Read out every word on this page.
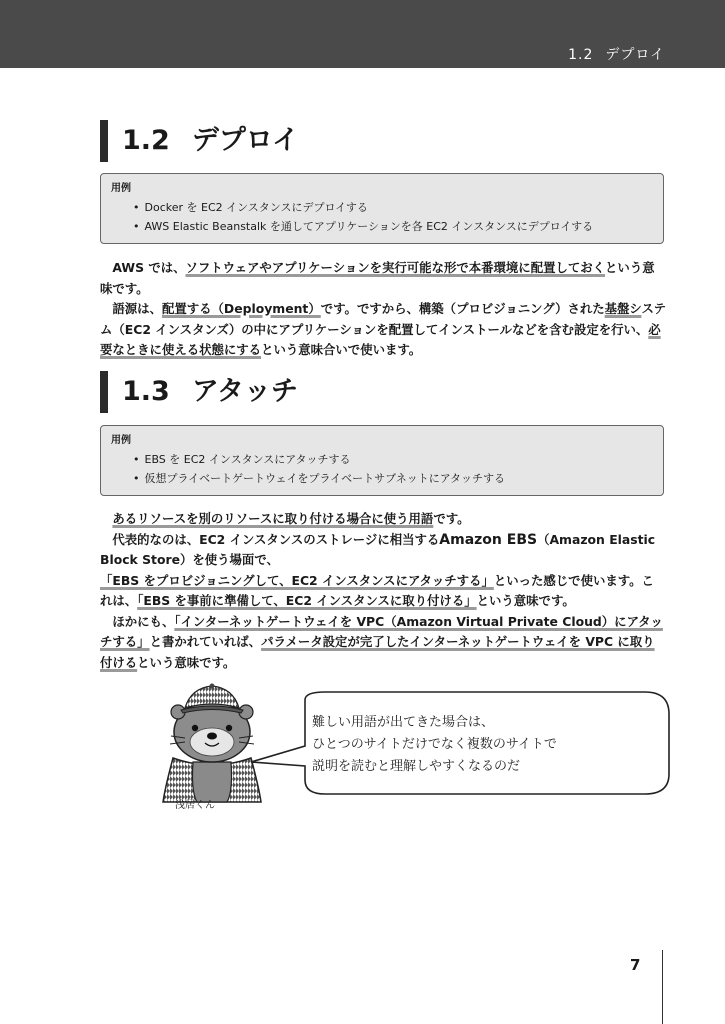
1.2 デプロイ
1.2 デプロイ
用例
• Docker を EC2 インスタンスにデプロイする
• AWS Elastic Beanstalk を通してアプリケーションを各 EC2 インスタンスにデプロイする

AWS では、ソフトウェアやアプリケーションを実行可能な形で本番環境に配置しておくという意味です。

語源は、配置する（Deployment）です。ですから、構築（プロビジョニング）された基盤システム（EC2 インスタンズ）の中にアプリケーションを配置してインストールなどを含む設定を行い、必要なときに使える状態にするという意味合いで使います。

1.3 アタッチ
用例
• EBS を EC2 インスタンスにアタッチする
• 仮想プライベートゲートウェイをプライベートサブネットにアタッチする

あるリソースを別のリソースに取り付ける場合に使う用語です。

代表的なのは、EC2 インスタンスのストレージに相当するAmazon EBS（Amazon Elastic Block Store）を使う場面で、「EBS をプロビジョニングして、EC2 インスタンスにアタッチする」といった感じで使います。これは、「EBS を事前に準備して、EC2 インスタンスに取り付ける」という意味です。

ほかにも、「インターネットゲートウェイを VPC（Amazon Virtual Private Cloud）にアタッチする」と書かれていれば、パラメータ設定が完了したインターネットゲートウェイを VPC に取り付けるという意味です。

浅居くん
難しい用語が出てきた場合は、
ひとつのサイトだけでなく複数のサイトで
説明を読むと理解しやすくなるのだ
7
